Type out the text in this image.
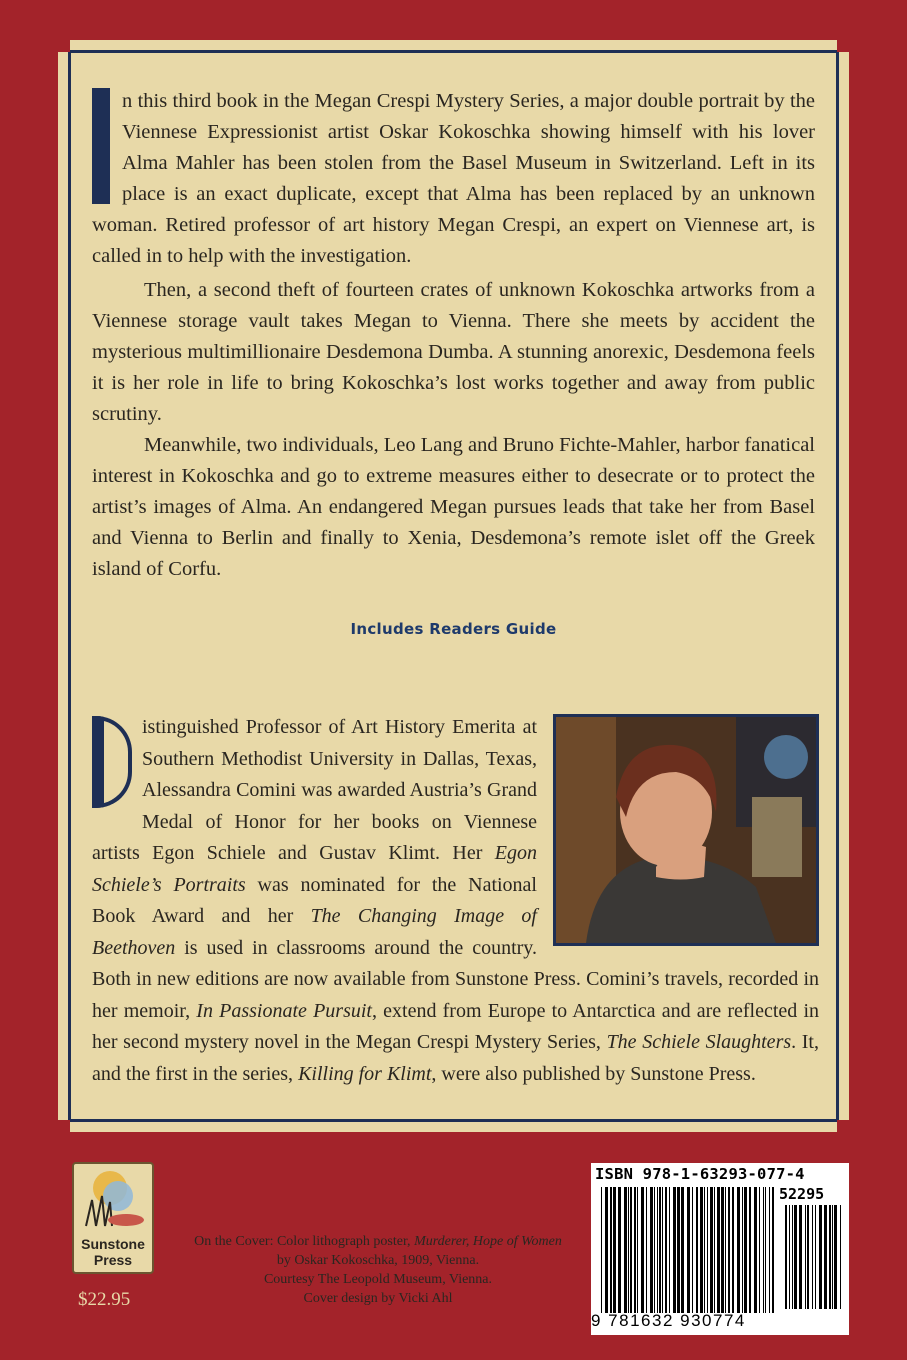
n this third book in the Megan Crespi Mystery Series, a major double portrait by the Viennese Expressionist artist Oskar Kokoschka showing himself with his lover Alma Mahler has been stolen from the Basel Museum in Switzerland. Left in its place is an exact duplicate, except that Alma has been replaced by an unknown woman. Retired professor of art history Megan Crespi, an expert on Viennese art, is called in to help with the investigation.

Then, a second theft of fourteen crates of unknown Kokoschka artworks from a Viennese storage vault takes Megan to Vienna. There she meets by accident the mysterious multimillionaire Desdemona Dumba. A stunning anorexic, Desdemona feels it is her role in life to bring Kokoschka’s lost works together and away from public scrutiny.

Meanwhile, two individuals, Leo Lang and Bruno Fichte-Mahler, harbor fanatical interest in Kokoschka and go to extreme measures either to desecrate or to protect the artist’s images of Alma. An endangered Megan pursues leads that take her from Basel and Vienna to Berlin and finally to Xenia, Desdemona’s remote islet off the Greek island of Corfu.

Includes Readers Guide

istinguished Professor of Art History Emerita at Southern Methodist University in Dallas, Texas, Alessandra Comini was awarded Austria’s Grand Medal of Honor for her books on Viennese artists Egon Schiele and Gustav Klimt. Her Egon Schiele’s Portraits was nominated for the National Book Award and her The Changing Image of Beethoven is used in classrooms around the country. Both in new editions are now available from Sunstone Press. Comini’s travels, recorded in her memoir, In Passionate Pursuit, extend from Europe to Antarctica and are reflected in her second mystery novel in the Megan Crespi Mystery Series, The Schiele Slaughters. It, and the first in the series, Killing for Klimt, were also published by Sunstone Press.

Sunstone
Press
$22.95
On the Cover: Color lithograph poster, Murderer, Hope of Women by Oskar Kokoschka, 1909, Vienna.
Courtesy The Leopold Museum, Vienna.
Cover design by Vicki Ahl
ISBN 978-1-63293-077-4
52295
9 781632 930774
